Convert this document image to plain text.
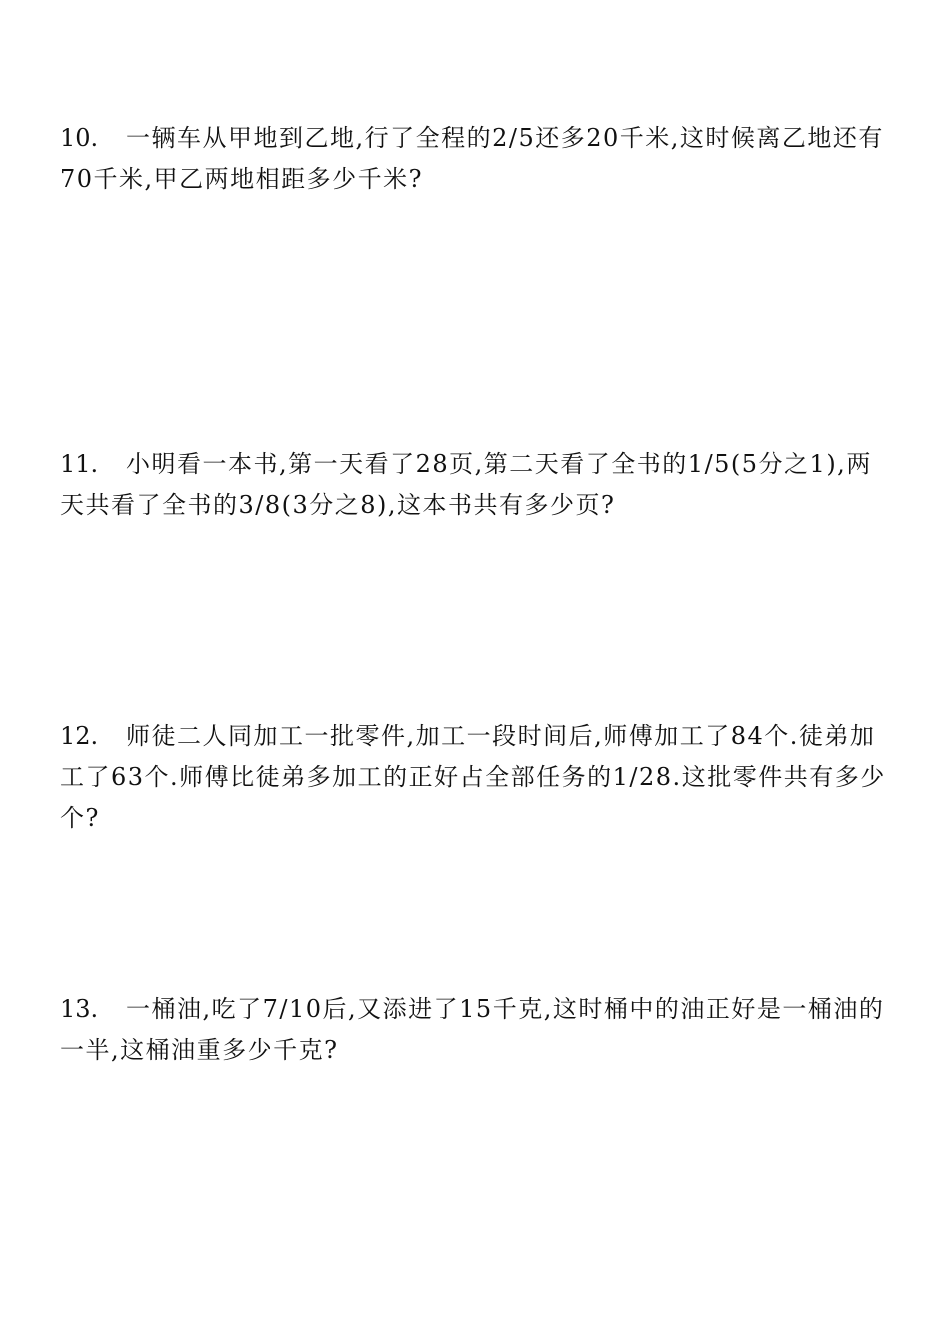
10. 一辆车从甲地到乙地,行了全程的2/5还多20千米,这时候离乙地还有70千米,甲乙两地相距多少千米?
11. 小明看一本书,第一天看了28页,第二天看了全书的1/5(5分之1),两天共看了全书的3/8(3分之8),这本书共有多少页?
12. 师徒二人同加工一批零件,加工一段时间后,师傅加工了84个.徒弟加工了63个.师傅比徒弟多加工的正好占全部任务的1/28.这批零件共有多少个?
13. 一桶油,吃了7/10后,又添进了15千克,这时桶中的油正好是一桶油的一半,这桶油重多少千克?
